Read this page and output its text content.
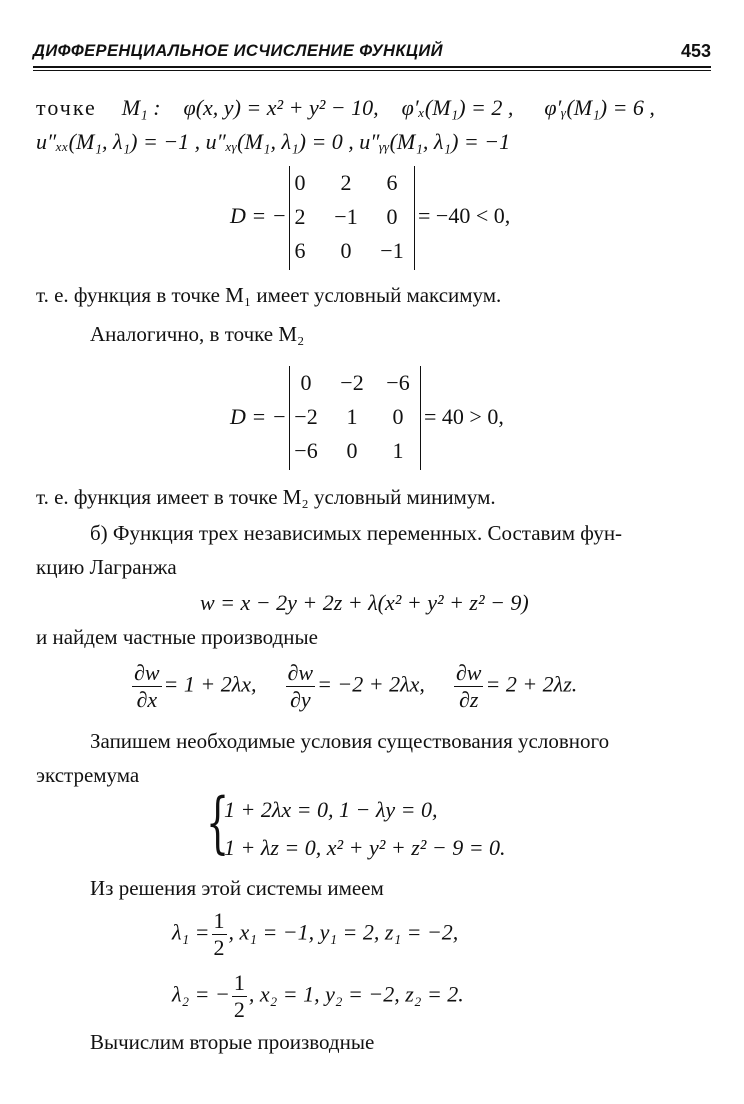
ДИФФЕРЕНЦИАЛЬНОЕ ИСЧИСЛЕНИЕ ФУНКЦИЙ	453
точке M₁ : φ(x, y) = x² + y² − 10, φ′ₓ(M₁) = 2 , φ′ᵧ(M₁) = 6 ,
u″ₓₓ(M₁, λ₁) = −1 , u″ₓᵧ(M₁, λ₁) = 0 , u″ᵧᵧ(M₁, λ₁) = −1
D = −
0	2	6
2	−1	0
6	0	−1
= −40 < 0,
т. е. функция в точке M₁ имеет условный максимум.
Аналогично, в точке M₂
D = −
0	−2	−6
−2	1	0
−6	0	1
= 40 > 0,
т. е. функция имеет в точке M₂ условный минимум.
б) Функция трех независимых переменных. Составим фун-
кцию Лагранжа
w = x − 2y + 2z + λ(x² + y² + z² − 9)
и найдем частные производные
$\frac{\partial w}{\partial x} = 1 + 2\lambda x$, $\frac{\partial w}{\partial y} = -2 + 2\lambda x$, $\frac{\partial w}{\partial z} = 2 + 2\lambda z$.
Запишем необходимые условия существования условного
экстремума
{
1 + 2λx = 0, 1 − λy = 0,
1 + λz = 0, x² + y² + z² − 9 = 0.
Из решения этой системы имеем
$\lambda_1 = \frac{1}{2}$ , x₁ = −1, y₁ = 2, z₁ = −2,
λ₂ = − $\frac{1}{2}$ , x₂ = 1, y₂ = −2, z₂ = 2.
Вычислим вторые производные
